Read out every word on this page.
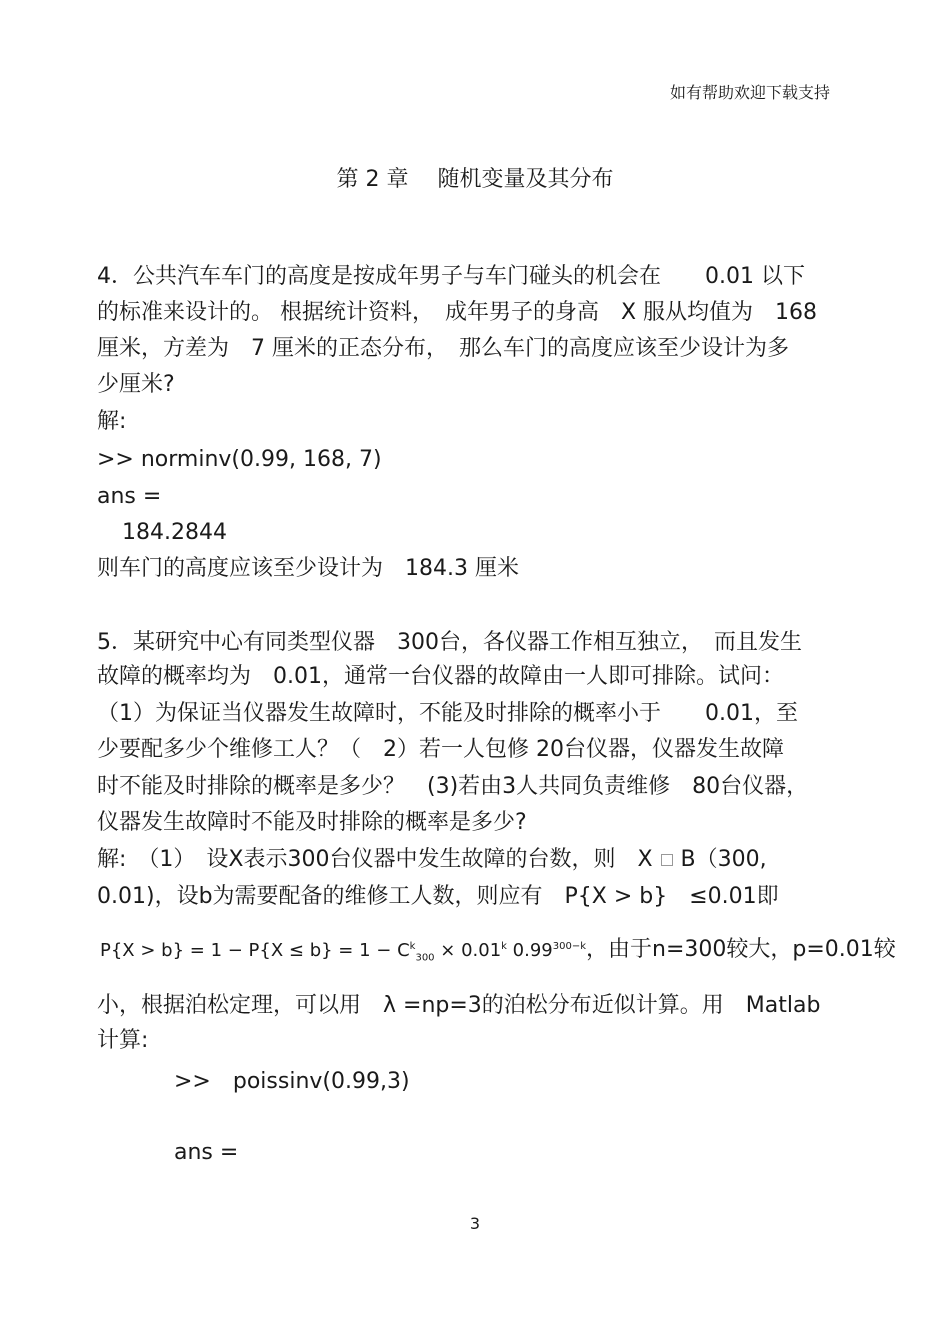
如有帮助欢迎下载支持
第 2 章　 随机变量及其分布
4．公共汽车车门的高度是按成年男子与车门碰头的机会在　　0.01 以下
的标准来设计的。 根据统计资料，　成年男子的身高　X 服从均值为　168
厘米，方差为　7 厘米的正态分布，　那么车门的高度应该至少设计为多
少厘米?
解:
>> norminv(0.99, 168, 7)
ans =
184.2844
则车门的高度应该至少设计为　184.3 厘米
5．某研究中心有同类型仪器　300台，各仪器工作相互独立，　而且发生
故障的概率均为　0.01，通常一台仪器的故障由一人即可排除。试问：
（1）为保证当仪器发生故障时，不能及时排除的概率小于　　0.01，至
少要配多少个维修工人？（　2）若一人包修 20台仪器，仪器发生故障
时不能及时排除的概率是多少？　(3)若由3人共同负责维修　80台仪器，
仪器发生故障时不能及时排除的概率是多少?
解:　（1）　设X表示300台仪器中发生故障的台数，则　X B（300,
0.01)，设b为需要配备的维修工人数，则应有　P{X > b}　≤0.01即
$P\{X > b\} = 1 - P\{X \le b\} = 1 - C^k_{300} \times 0.01^k$ $0.99^{300-k}$，由于n=300较大，p=0.01较
小，根据泊松定理，可以用　λ =np=3的泊松分布近似计算。用　Matlab
计算:
>>　poissinv(0.99,3)
ans =
3
